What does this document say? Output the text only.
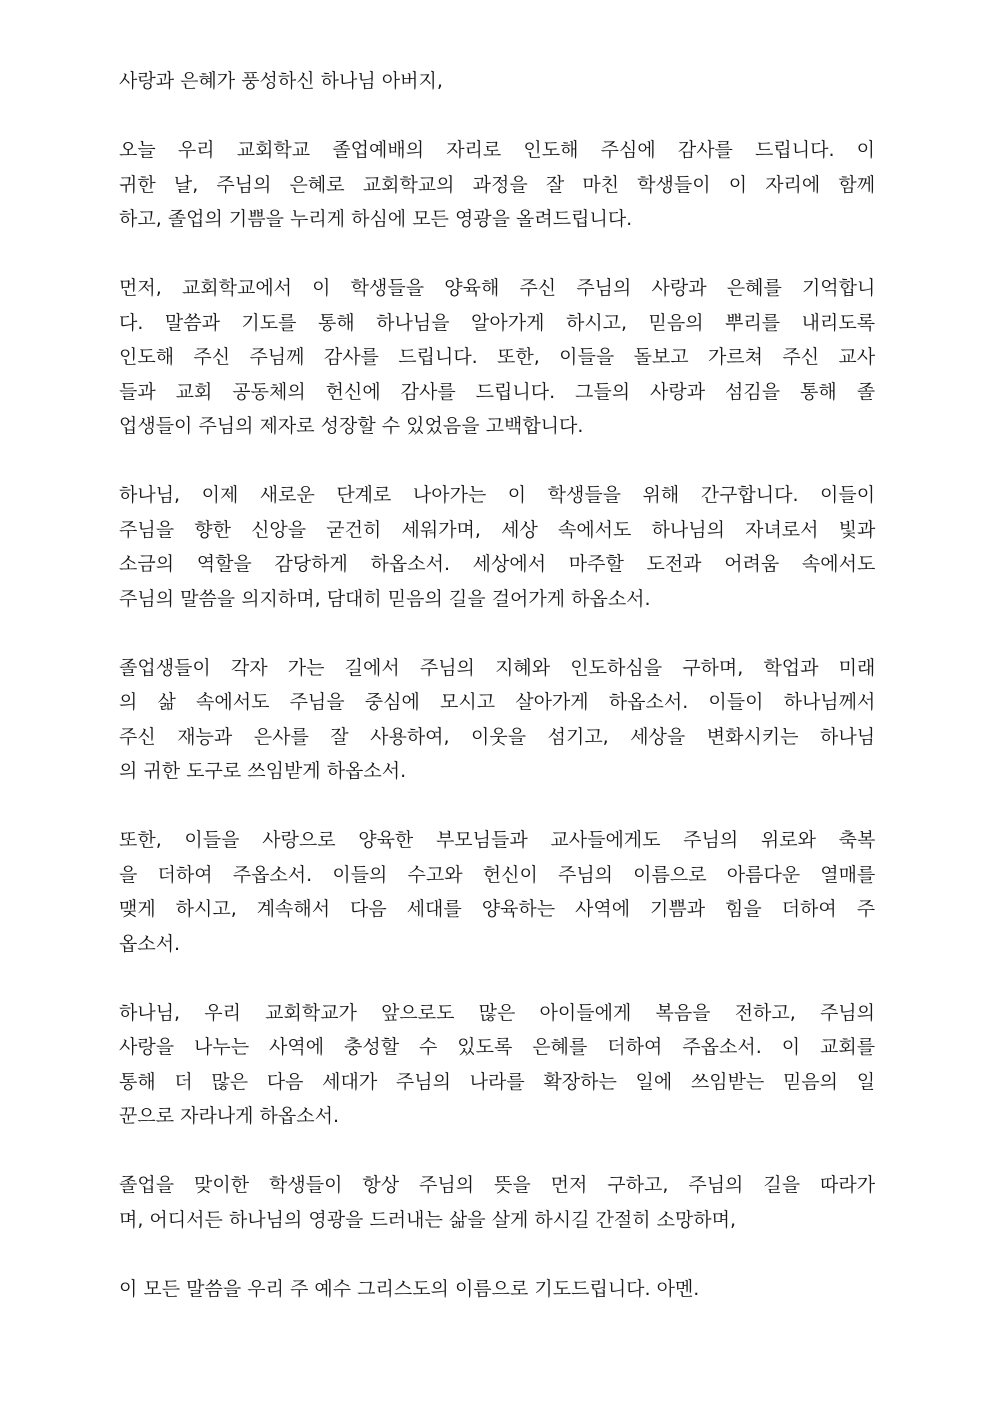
사랑과 은혜가 풍성하신 하나님 아버지,
오늘 우리 교회학교 졸업예배의 자리로 인도해 주심에 감사를 드립니다. 이
귀한 날, 주님의 은혜로 교회학교의 과정을 잘 마친 학생들이 이 자리에 함께
하고, 졸업의 기쁨을 누리게 하심에 모든 영광을 올려드립니다.
먼저, 교회학교에서 이 학생들을 양육해 주신 주님의 사랑과 은혜를 기억합니
다. 말씀과 기도를 통해 하나님을 알아가게 하시고, 믿음의 뿌리를 내리도록
인도해 주신 주님께 감사를 드립니다. 또한, 이들을 돌보고 가르쳐 주신 교사
들과 교회 공동체의 헌신에 감사를 드립니다. 그들의 사랑과 섬김을 통해 졸
업생들이 주님의 제자로 성장할 수 있었음을 고백합니다.
하나님, 이제 새로운 단계로 나아가는 이 학생들을 위해 간구합니다. 이들이
주님을 향한 신앙을 굳건히 세워가며, 세상 속에서도 하나님의 자녀로서 빛과
소금의 역할을 감당하게 하옵소서. 세상에서 마주할 도전과 어려움 속에서도
주님의 말씀을 의지하며, 담대히 믿음의 길을 걸어가게 하옵소서.
졸업생들이 각자 가는 길에서 주님의 지혜와 인도하심을 구하며, 학업과 미래
의 삶 속에서도 주님을 중심에 모시고 살아가게 하옵소서. 이들이 하나님께서
주신 재능과 은사를 잘 사용하여, 이웃을 섬기고, 세상을 변화시키는 하나님
의 귀한 도구로 쓰임받게 하옵소서.
또한, 이들을 사랑으로 양육한 부모님들과 교사들에게도 주님의 위로와 축복
을 더하여 주옵소서. 이들의 수고와 헌신이 주님의 이름으로 아름다운 열매를
맺게 하시고, 계속해서 다음 세대를 양육하는 사역에 기쁨과 힘을 더하여 주
옵소서.
하나님, 우리 교회학교가 앞으로도 많은 아이들에게 복음을 전하고, 주님의
사랑을 나누는 사역에 충성할 수 있도록 은혜를 더하여 주옵소서. 이 교회를
통해 더 많은 다음 세대가 주님의 나라를 확장하는 일에 쓰임받는 믿음의 일
꾼으로 자라나게 하옵소서.
졸업을 맞이한 학생들이 항상 주님의 뜻을 먼저 구하고, 주님의 길을 따라가
며, 어디서든 하나님의 영광을 드러내는 삶을 살게 하시길 간절히 소망하며,
이 모든 말씀을 우리 주 예수 그리스도의 이름으로 기도드립니다. 아멘.
